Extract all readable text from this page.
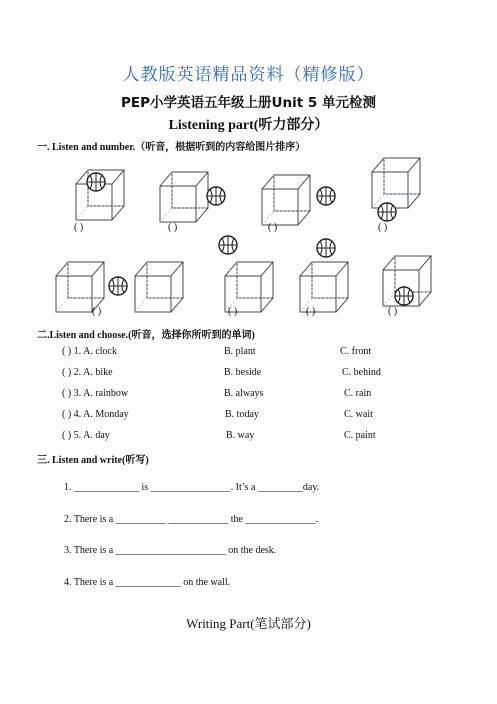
人教版英语精品资料（精修版）
PEP小学英语五年级上册Unit 5 单元检测
Listening part(听力部分）
一. Listen and number.（听音，根据听到的内容给图片排序）
( )	( )	( )	( )
( )	( )	( )	( )
二.Listen and choose.(听音，选择你所听到的单词)
( ) 1. A. clock	B. plant	C. front
( ) 2. A. bike	B. beside	C. behind
( ) 3. A. rainbow	B. always	C. rain
( ) 4. A. Monday	B. today	C. wait
( ) 5. A. day	B. way	C. paint
三. Listen and write(听写)
1. _____________ is ________________. It’s a _________day.
2. There is a __________ ____________ the ______________.
3. There is a ______________________ on the desk.
4. There is a _____________ on the wall.
Writing Part(笔试部分)
